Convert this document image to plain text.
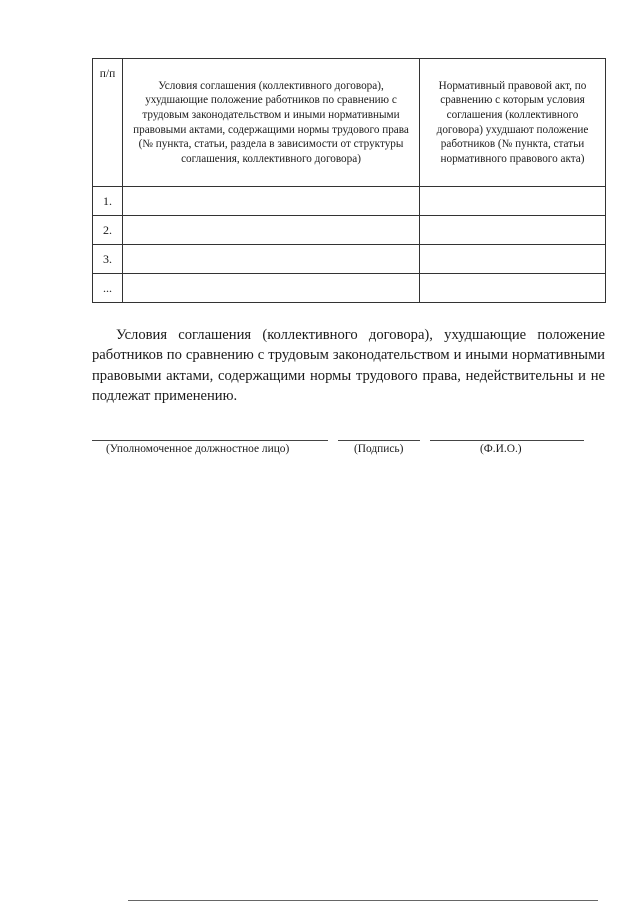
п/п	Условия соглашения (коллективного договора), ухудшающие положение работников по сравнению с трудовым законодательством и иными нормативными правовыми актами, содержащими нормы трудового права (№ пункта, статьи, раздела в зависимости от структуры соглашения, коллективного договора)	Нормативный правовой акт, по сравнению с которым условия соглашения (коллективного договора) ухудшают положение работников (№ пункта, статьи нормативного правового акта)

1.		
2.		
3.		
...		

Условия соглашения (коллективного договора), ухудшающие положение работников по сравнению с трудовым законодательством и иными нормативными правовыми актами, содержащими нормы трудового права, недействительны и не подлежат применению.

(Уполномоченное должностное лицо)	(Подпись)	(Ф.И.О.)
